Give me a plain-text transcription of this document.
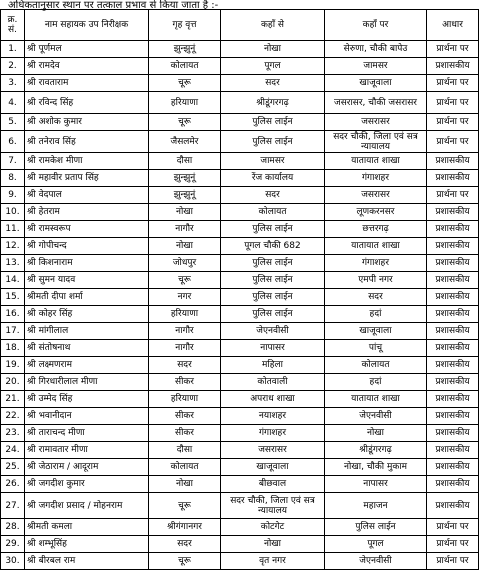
अधिकतानुसार स्थान पर तत्काल प्रभाव से किया जाता है :-
क्र. सं.	नाम सहायक उप निरीक्षक	गृह वृत्त	कहाँ से	कहाँ पर	आधार
1.	श्री पूर्णमल	झुन्झुनूं	नोखा	सेरुणा, चौकी बापेउ	प्रार्थना पर
2.	श्री रामदेव	कोलायत	पूगल	जामसर	प्रशासकीय
3.	श्री रावताराम	चूरू	सदर	खाजूवाला	प्रार्थना पर
4.	श्री रविन्द सिंह	हरियाणा	श्रीडूंगरगढ़	जसरासर, चौकी जसरासर	प्रार्थना पर
5.	श्री अशोक कुमार	चूरू	पुलिस लाईन	जसरासर	प्रार्थना पर
6.	श्री तनेराव सिंह	जैसलमेर	पुलिस लाईन	सदर चौकी, जिला एवं सत्र न्यायालय	प्रार्थना पर
7.	श्री रामकेश मीणा	दौसा	जामसर	यातायात शाखा	प्रशासकीय
8.	श्री महावीर प्रताप सिंह	झुन्झुनूं	रेंज कार्यालय	गंगाशहर	प्रशासकीय
9.	श्री वेदपाल	झुन्झुनूं	सदर	जसरासर	प्रार्थना पर
10.	श्री हेतराम	नोखा	कोलायत	लूणकरनसर	प्रशासकीय
11.	श्री रामस्वरूप	नागौर	पुलिस लाईन	छत्तरगढ़	प्रशासकीय
12.	श्री गोपीचन्द	नोखा	पूगल चौकी 682	यातायात शाखा	प्रशासकीय
13.	श्री किशनाराम	जोधपुर	पुलिस लाईन	गंगाशहर	प्रशासकीय
14.	श्री सुमन यादव	चूरू	पुलिस लाईन	एमपी नगर	प्रशासकीय
15.	श्रीमती दीपा शर्मा	नगर	पुलिस लाईन	सदर	प्रशासकीय
16.	श्री कोहर सिंह	हरियाणा	पुलिस लाईन	हदां	प्रशासकीय
17.	श्री मांगीलाल	नागौर	जेएनवीसी	खाजूवाला	प्रशासकीय
18.	श्री संतोषनाथ	नागौर	नापासर	पांचू	प्रशासकीय
19.	श्री लक्ष्मणराम	सदर	महिला	कोलायत	प्रशासकीय
20.	श्री गिरधारीलाल मीणा	सीकर	कोतवाली	हदां	प्रशासकीय
21.	श्री उम्मेद सिंह	हरियाणा	अपराध शाखा	यातायात शाखा	प्रशासकीय
22.	श्री भवानीदान	सीकर	नयाशहर	जेएनवीसी	प्रशासकीय
23.	श्री ताराचन्द मीणा	सीकर	गंगाशहर	नोखा	प्रशासकीय
24.	श्री रामावतार मीणा	दौसा	जसरासर	श्रीडूंगरगढ़	प्रशासकीय
25.	श्री जेठाराम / आदूराम	कोलायत	खाजूवाला	नोखा, चौकी मुकाम	प्रशासकीय
26.	श्री जगदीश कुमार	नोखा	बीछवाल	नापासर	प्रशासकीय
27.	श्री जगदीश प्रसाद / मोहनराम	चूरू	सदर चौकी, जिला एवं सत्र न्यायालय	महाजन	प्रशासकीय
28.	श्रीमती कमला	श्रीगंगानगर	कोटगेट	पुलिस लाईन	प्रार्थना पर
29.	श्री शम्भूसिंह	सदर	नोखा	पूगल	प्रार्थना पर
30.	श्री बीरबल राम	चूरू	वृत नगर	जेएनवीसी	प्रार्थना पर
